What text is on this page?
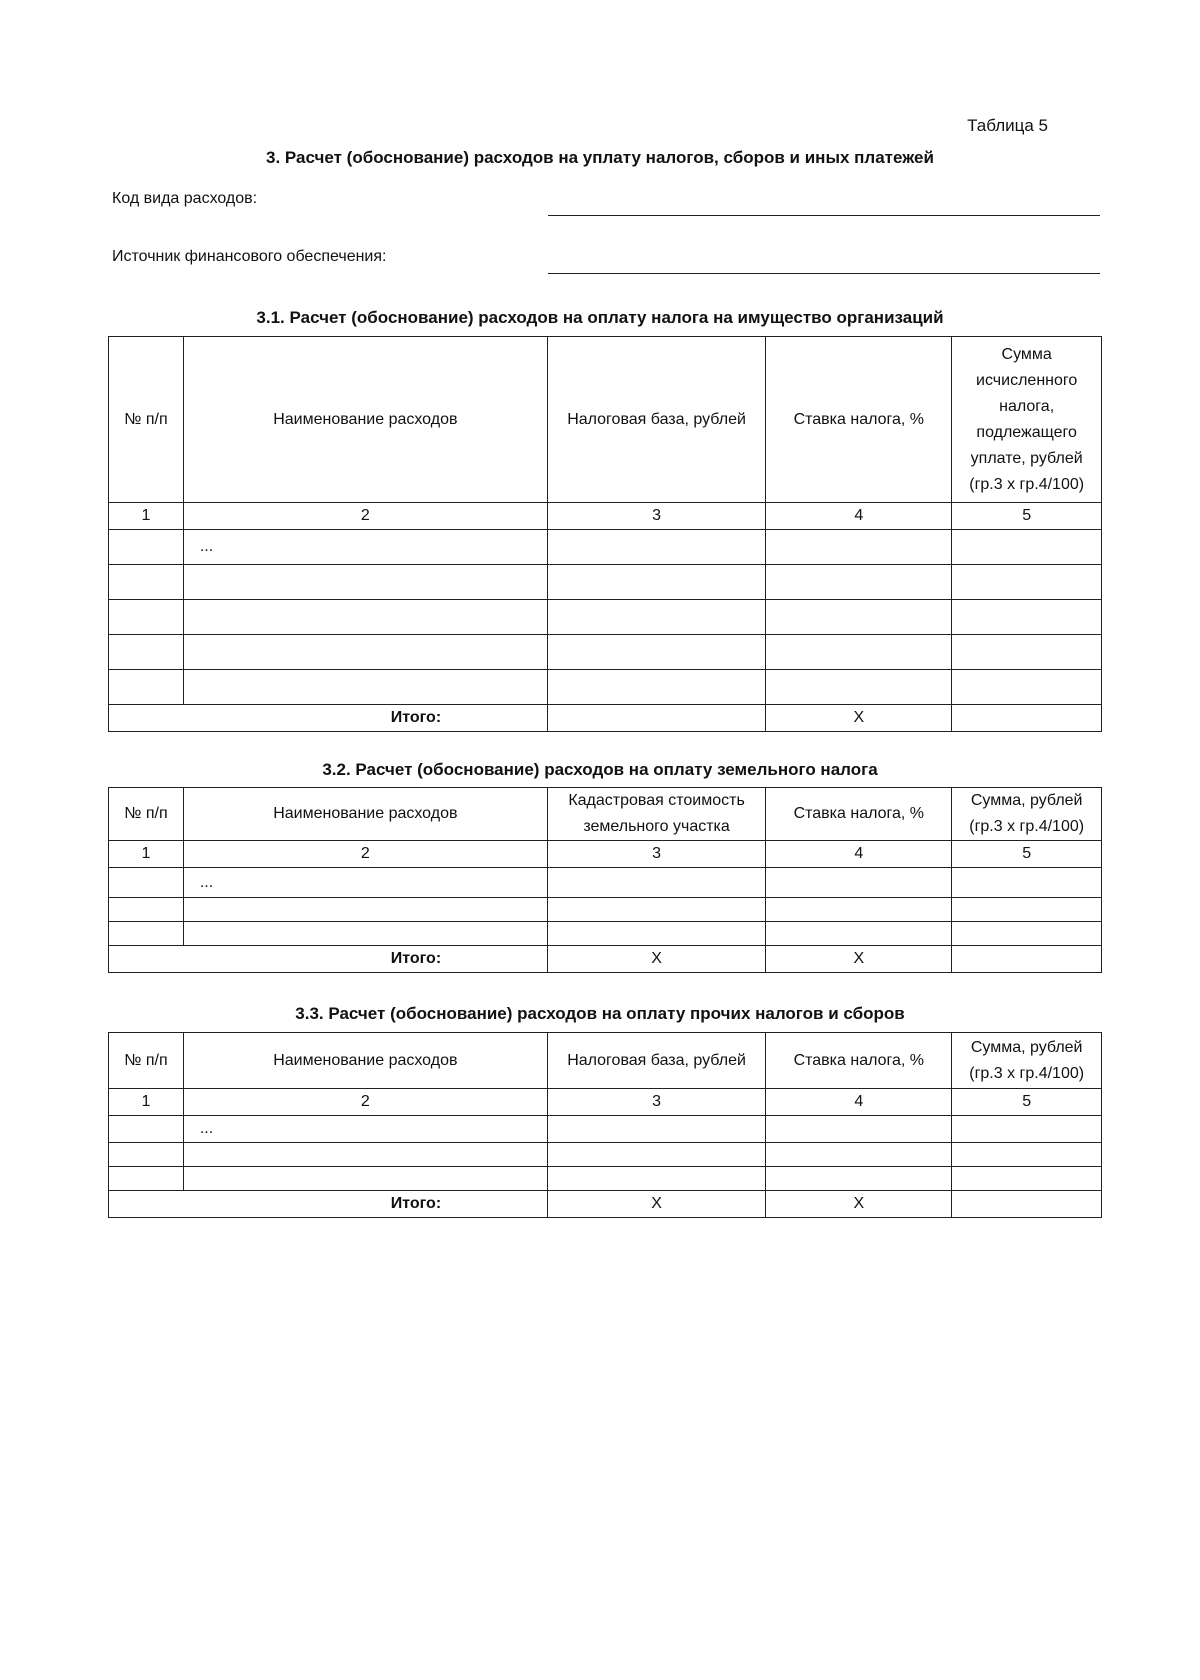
Таблица 5
3. Расчет (обоснование) расходов на уплату налогов, сборов и иных платежей
Код вида расходов:
Источник финансового обеспечения:
3.1. Расчет (обоснование) расходов на оплату налога на имущество организаций
№ п/п	Наименование расходов	Налоговая база, рублей	Ставка налога, %	Сумма исчисленного налога, подлежащего уплате, рублей (гр.3 х гр.4/100)
1	2	3	4	5
	...			

Итого:			Х	
3.2. Расчет (обоснование) расходов на оплату земельного налога
№ п/п	Наименование расходов	Кадастровая стоимость земельного участка	Ставка налога, %	Сумма, рублей (гр.3 х гр.4/100)
1	2	3	4	5
	...			

Итого:		Х	Х	
3.3. Расчет (обоснование) расходов на оплату прочих налогов и сборов
№ п/п	Наименование расходов	Налоговая база, рублей	Ставка налога, %	Сумма, рублей (гр.3 х гр.4/100)
1	2	3	4	5
	...			

Итого:		Х	Х	
